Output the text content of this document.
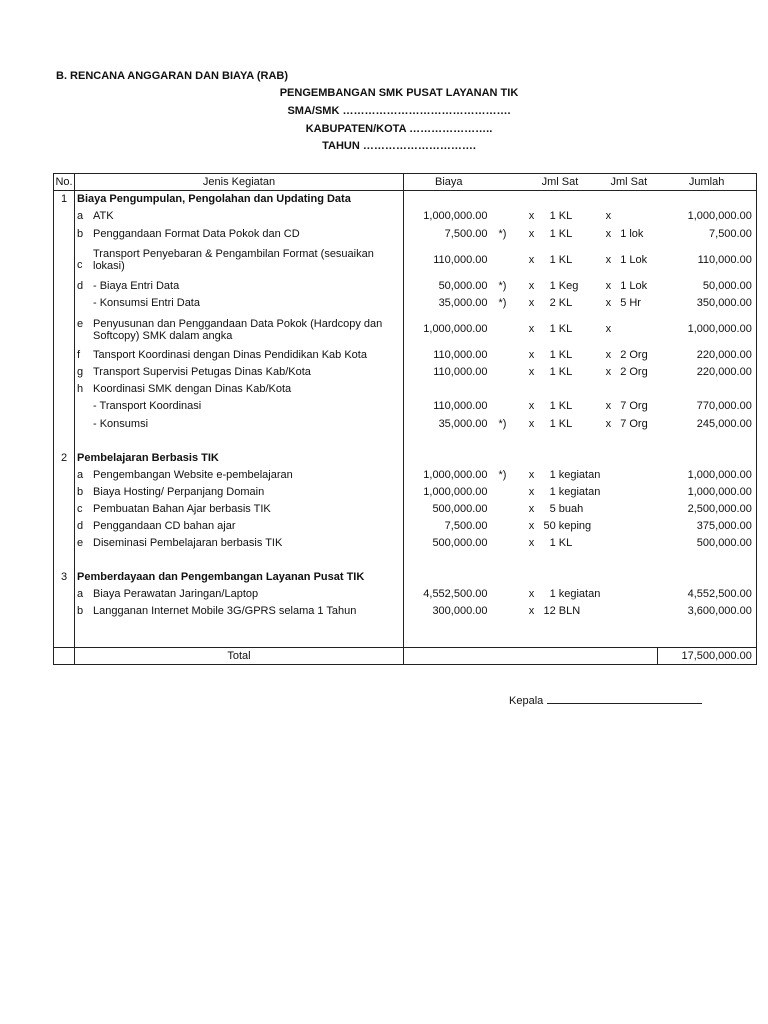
B. RENCANA ANGGARAN DAN BIAYA (RAB)
PENGEMBANGAN SMK PUSAT LAYANAN TIK
SMA/SMK ……………………………………….
KABUPATEN/KOTA …………………..
TAHUN ………………………….
No.	Jenis Kegiatan	Biaya		Jml Sat			Jml Sat			Jumlah
1	Biaya Pengumpulan, Pengolahan dan Updating Data									
	a ATK	1,000,000.00		x	1	KL	x			1,000,000.00
	b Penggandaan Format Data Pokok dan CD	7,500.00	*)	x	1	KL	x	1	lok	7,500.00
	cTransport Penyebaran & Pengambilan Format (sesuaikan lokasi)	110,000.00		x	1	KL	x	1	Lok	110,000.00
	d - Biaya Entri Data	50,000.00	*)	x	1	Keg	x	1	Lok	50,000.00
	- Konsumsi Entri Data	35,000.00	*)	x	2	KL	x	5	Hr	350,000.00
	e Penyusunan dan Penggandaan Data Pokok (Hardcopy dan Softcopy) SMK dalam angka	1,000,000.00		x	1	KL	x			1,000,000.00
	f Tansport Koordinasi dengan Dinas Pendidikan Kab Kota	110,000.00		x	1	KL	x	2	Org	220,000.00
	g Transport Supervisi Petugas Dinas Kab/Kota	110,000.00		x	1	KL	x	2	Org	220,000.00
	h Koordinasi SMK dengan Dinas Kab/Kota									
	- Transport Koordinasi	110,000.00		x	1	KL	x	7	Org	770,000.00
	- Konsumsi	35,000.00	*)	x	1	KL	x	7	Org	245,000.00

2	Pembelajaran Berbasis TIK									
	a Pengembangan Website e-pembelajaran	1,000,000.00	*)	x	1	kegiatan				1,000,000.00
	b Biaya Hosting/ Perpanjang Domain	1,000,000.00		x	1	kegiatan				1,000,000.00
	c Pembuatan Bahan Ajar berbasis TIK	500,000.00		x	5	buah				2,500,000.00
	d Penggandaan CD bahan ajar	7,500.00		x	50	keping				375,000.00
	e Diseminasi Pembelajaran berbasis TIK	500,000.00		x	1	KL				500,000.00

3	Pemberdayaan dan Pengembangan Layanan Pusat TIK									
	a Biaya Perawatan Jaringan/Laptop	4,552,500.00		x	1	kegiatan				4,552,500.00
	b Langganan Internet Mobile 3G/GPRS selama 1 Tahun	300,000.00		x	12	BLN				3,600,000.00

	Total									17,500,000.00
Kepala
